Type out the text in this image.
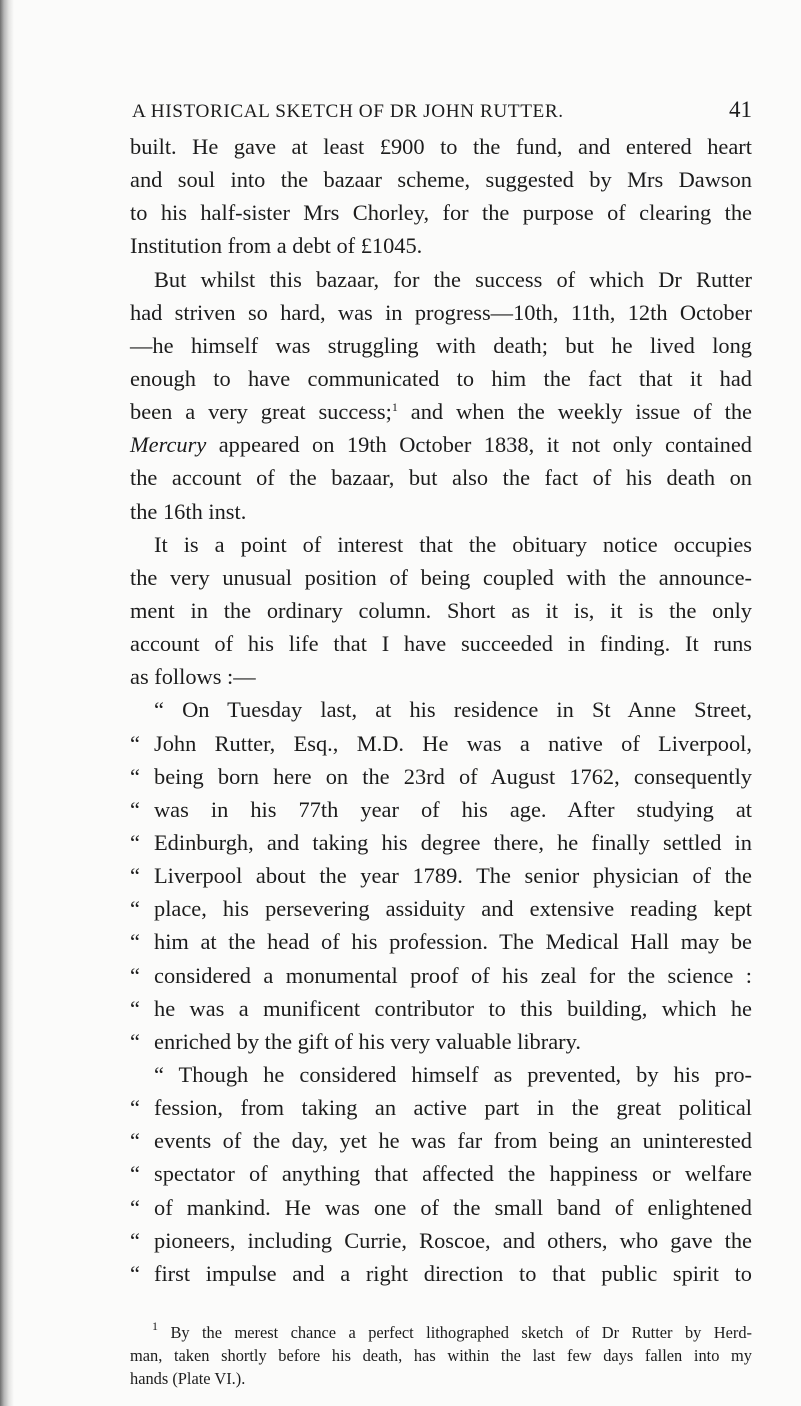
A HISTORICAL SKETCH OF DR JOHN RUTTER.	41
built. He gave at least £900 to the fund, and entered heart
and soul into the bazaar scheme, suggested by Mrs Dawson
to his half-sister Mrs Chorley, for the purpose of clearing the
Institution from a debt of £1045.
But whilst this bazaar, for the success of which Dr Rutter
had striven so hard, was in progress—10th, 11th, 12th October
—he himself was struggling with death; but he lived long
enough to have communicated to him the fact that it had
been a very great success;$^1$ and when the weekly issue of the
Mercury appeared on 19th October 1838, it not only contained
the account of the bazaar, but also the fact of his death on
the 16th inst.
It is a point of interest that the obituary notice occupies
the very unusual position of being coupled with the announce-
ment in the ordinary column. Short as it is, it is the only
account of his life that I have succeeded in finding. It runs
as follows :—
“ On Tuesday last, at his residence in St Anne Street,
“ John Rutter, Esq., M.D. He was a native of Liverpool,
“ being born here on the 23rd of August 1762, consequently
“ was in his 77th year of his age. After studying at
“ Edinburgh, and taking his degree there, he finally settled in
“ Liverpool about the year 1789. The senior physician of the
“ place, his persevering assiduity and extensive reading kept
“ him at the head of his profession. The Medical Hall may be
“ considered a monumental proof of his zeal for the science :
“ he was a munificent contributor to this building, which he
“ enriched by the gift of his very valuable library.
“ Though he considered himself as prevented, by his pro-
“ fession, from taking an active part in the great political
“ events of the day, yet he was far from being an uninterested
“ spectator of anything that affected the happiness or welfare
“ of mankind. He was one of the small band of enlightened
“ pioneers, including Currie, Roscoe, and others, who gave the
“ first impulse and a right direction to that public spirit to
$^1$ By the merest chance a perfect lithographed sketch of Dr Rutter by Herd-
man, taken shortly before his death, has within the last few days fallen into my
hands (Plate VI.).
